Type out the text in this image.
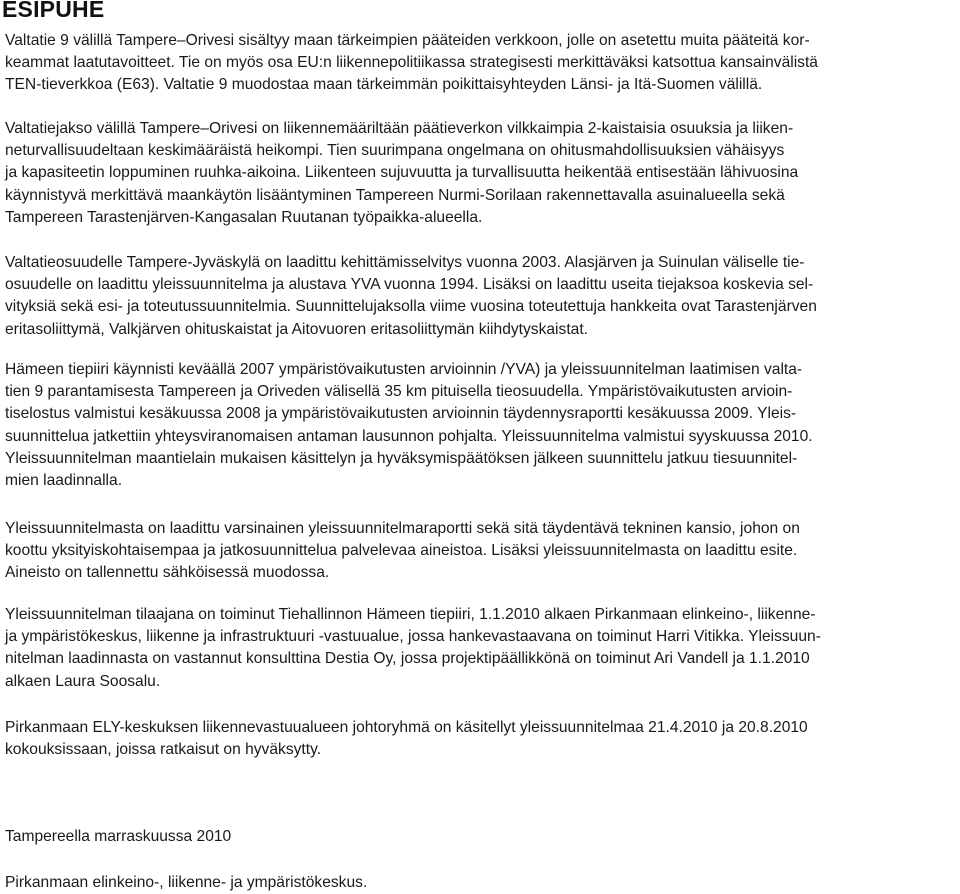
ESIPUHE
Valtatie 9 välillä Tampere–Orivesi sisältyy maan tärkeimpien pääteiden verkkoon, jolle on asetettu muita pääteitä kor-
keammat laatutavoitteet. Tie on myös osa EU:n liikennepolitiikassa strategisesti merkittäväksi katsottua kansainvälistä
TEN-tieverkkoa (E63). Valtatie 9 muodostaa maan tärkeimmän poikittaisyhteyden Länsi- ja Itä-Suomen välillä.
Valtatiejakso välillä Tampere–Orivesi on liikennemääriltään päätieverkon vilkkaimpia 2-kaistaisia osuuksia ja liiken-
neturvallisuudeltaan keskimääräistä heikompi. Tien suurimpana ongelmana on ohitusmahdollisuuksien vähäisyys
ja kapasiteetin loppuminen ruuhka-aikoina. Liikenteen sujuvuutta ja turvallisuutta heikentää entisestään lähivuosina
käynnistyvä merkittävä maankäytön lisääntyminen Tampereen Nurmi-Sorilaan rakennettavalla asuinalueella sekä
Tampereen Tarastenjärven-Kangasalan Ruutanan työpaikka-alueella.
Valtatieosuudelle Tampere-Jyväskylä on laadittu kehittämisselvitys vuonna 2003. Alasjärven ja Suinulan väliselle tie-
osuudelle on laadittu yleissuunnitelma ja alustava YVA vuonna 1994. Lisäksi on laadittu useita tiejaksoa koskevia sel-
vityksiä sekä esi- ja toteutussuunnitelmia. Suunnittelujaksolla viime vuosina toteutettuja hankkeita ovat Tarastenjärven
eritasoliittymä, Valkjärven ohituskaistat ja Aitovuoren eritasoliittymän kiihdytyskaistat.
Hämeen tiepiiri käynnisti keväällä 2007 ympäristövaikutusten arvioinnin /YVA) ja yleissuunnitelman laatimisen valta-
tien 9 parantamisesta Tampereen ja Oriveden välisellä 35 km pituisella tieosuudella. Ympäristövaikutusten arvioin-
tiselostus valmistui kesäkuussa 2008 ja ympäristövaikutusten arvioinnin täydennysraportti kesäkuussa 2009. Yleis-
suunnittelua jatkettiin yhteysviranomaisen antaman lausunnon pohjalta. Yleissuunnitelma valmistui syyskuussa 2010.
Yleissuunnitelman maantielain mukaisen käsittelyn ja hyväksymispäätöksen jälkeen suunnittelu jatkuu tiesuunnitel-
mien laadinnalla.
Yleissuunnitelmasta on laadittu varsinainen yleissuunnitelmaraportti sekä sitä täydentävä tekninen kansio, johon on
koottu yksityiskohtaisempaa ja jatkosuunnittelua palvelevaa aineistoa. Lisäksi yleissuunnitelmasta on laadittu esite.
Aineisto on tallennettu sähköisessä muodossa.
Yleissuunnitelman tilaajana on toiminut Tiehallinnon Hämeen tiepiiri, 1.1.2010 alkaen Pirkanmaan elinkeino-, liikenne-
ja ympäristökeskus, liikenne ja infrastruktuuri -vastuualue, jossa hankevastaavana on toiminut Harri Vitikka. Yleissuun-
nitelman laadinnasta on vastannut konsulttina Destia Oy, jossa projektipäällikkönä on toiminut Ari Vandell ja 1.1.2010
alkaen Laura Soosalu.
Pirkanmaan ELY-keskuksen liikennevastuualueen johtoryhmä on käsitellyt yleissuunnitelmaa 21.4.2010 ja 20.8.2010
kokouksissaan, joissa ratkaisut on hyväksytty.
Tampereella marraskuussa 2010
Pirkanmaan elinkeino-, liikenne- ja ympäristökeskus.
